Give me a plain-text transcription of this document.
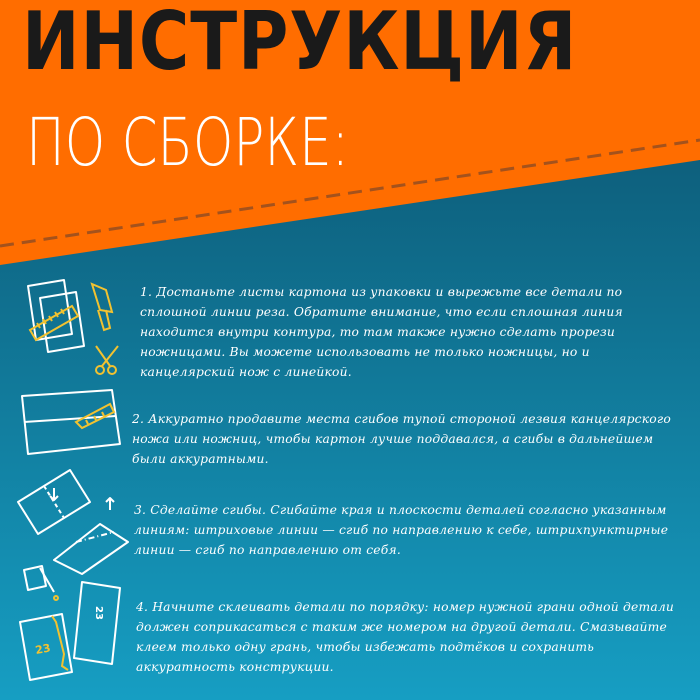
ИНСТРУКЦИЯ
ПО СБОРКЕ:

1. Достаньте листы картона из упаковки и вырежьте все детали по сплошной линии реза. Обратите внимание, что если сплошная линия находится внутри контура, то там также нужно сделать прорези ножницами. Вы можете использовать не только ножницы, но и канцелярский нож с линейкой.

2. Аккуратно продавите места сгибов тупой стороной лезвия канцелярского ножа или ножниц, чтобы картон лучше поддавался, а сгибы в дальнейшем были аккуратными.

3. Сделайте сгибы. Сгибайте края и плоскости деталей согласно указанным линиям: штриховые линии — сгиб по направлению к себе, штрихпунктирные линии — сгиб по направлению от себя.

23
23	4. Начните склеивать детали по порядку: номер нужной грани одной детали должен соприкасаться с таким же номером на другой детали. Смазывайте клеем только одну грань, чтобы избежать подтёков и сохранить аккуратность конструкции.
